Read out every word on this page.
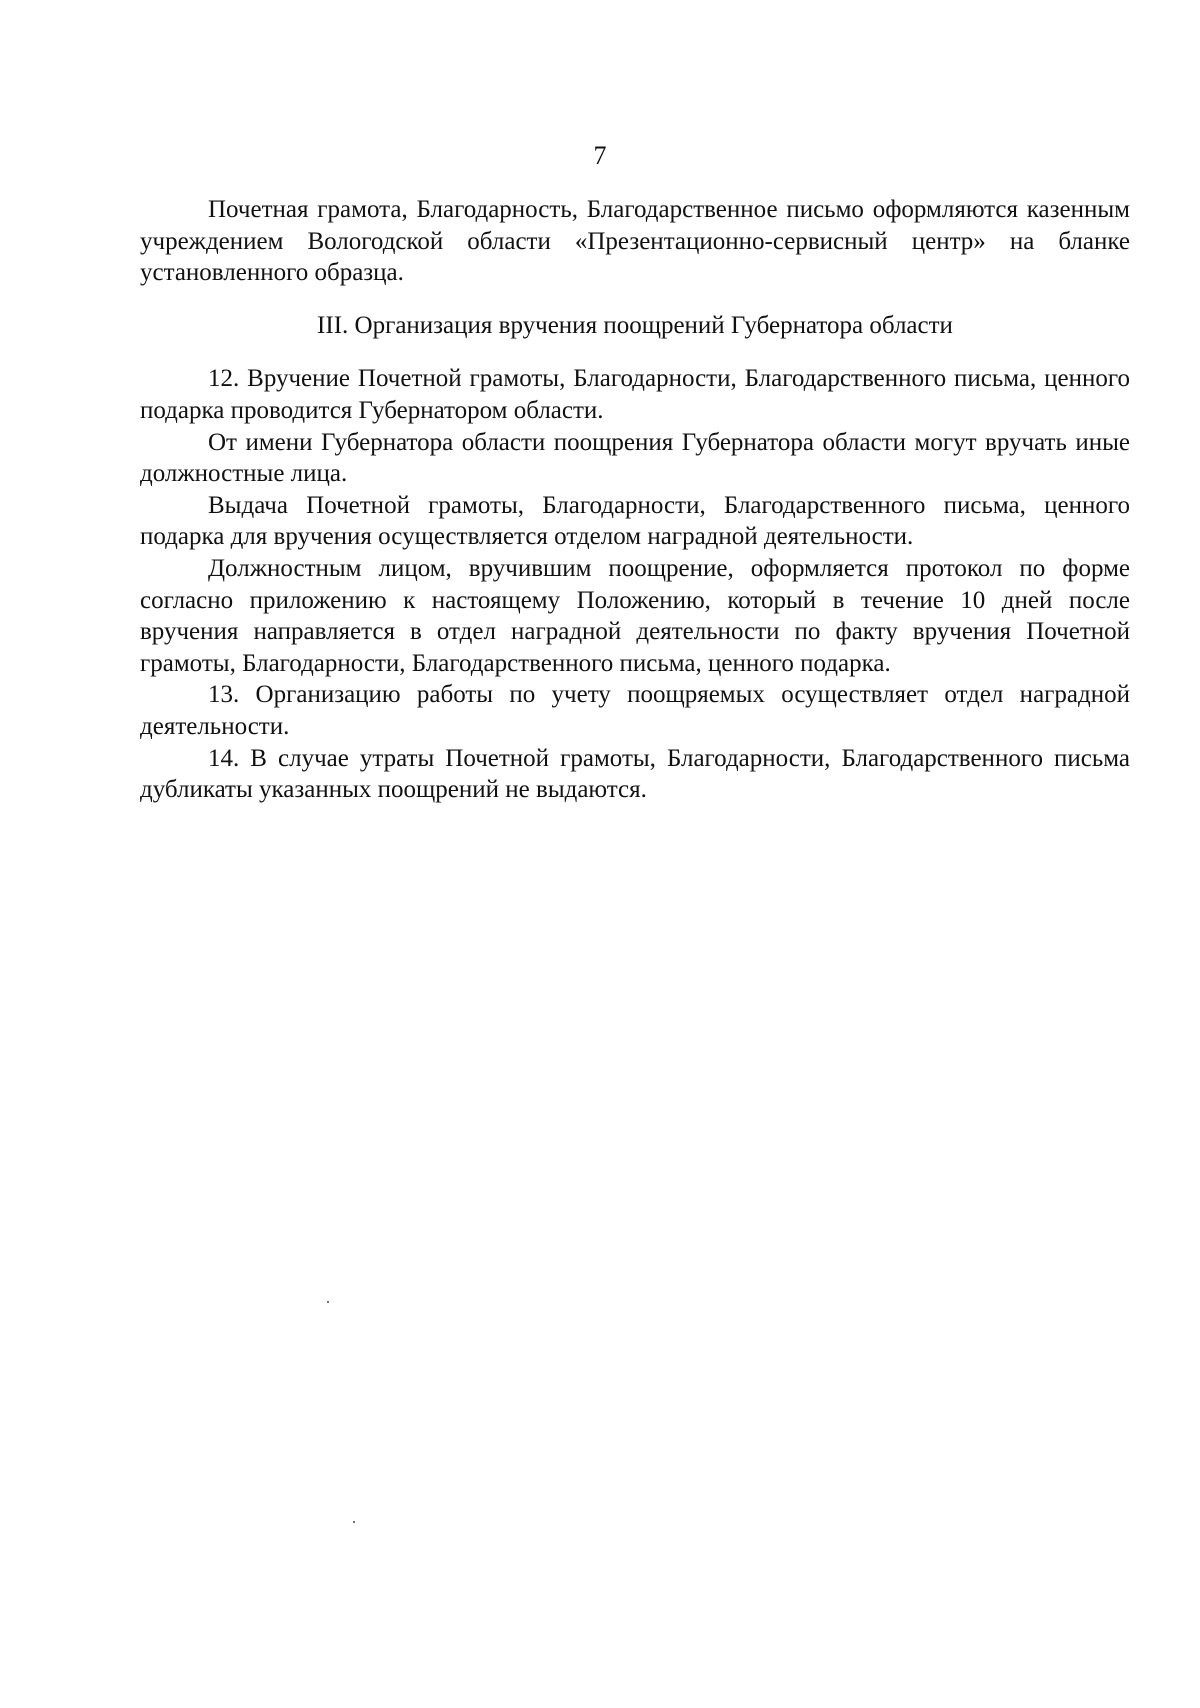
7

Почетная грамота, Благодарность, Благодарственное письмо оформляются казенным учреждением Вологодской области «Презентационно-сервисный центр» на бланке установленного образца.

III. Организация вручения поощрений Губернатора области

12. Вручение Почетной грамоты, Благодарности, Благодарственного письма, ценного подарка проводится Губернатором области.

От имени Губернатора области поощрения Губернатора области могут вручать иные должностные лица.

Выдача Почетной грамоты, Благодарности, Благодарственного письма, ценного подарка для вручения осуществляется отделом наградной деятельности.

Должностным лицом, вручившим поощрение, оформляется протокол по форме согласно приложению к настоящему Положению, который в течение 10 дней после вручения направляется в отдел наградной деятельности по факту вручения Почетной грамоты, Благодарности, Благодарственного письма, ценного подарка.

13. Организацию работы по учету поощряемых осуществляет отдел наградной деятельности.

14. В случае утраты Почетной грамоты, Благодарности, Благодарственного письма дубликаты указанных поощрений не выдаются.
